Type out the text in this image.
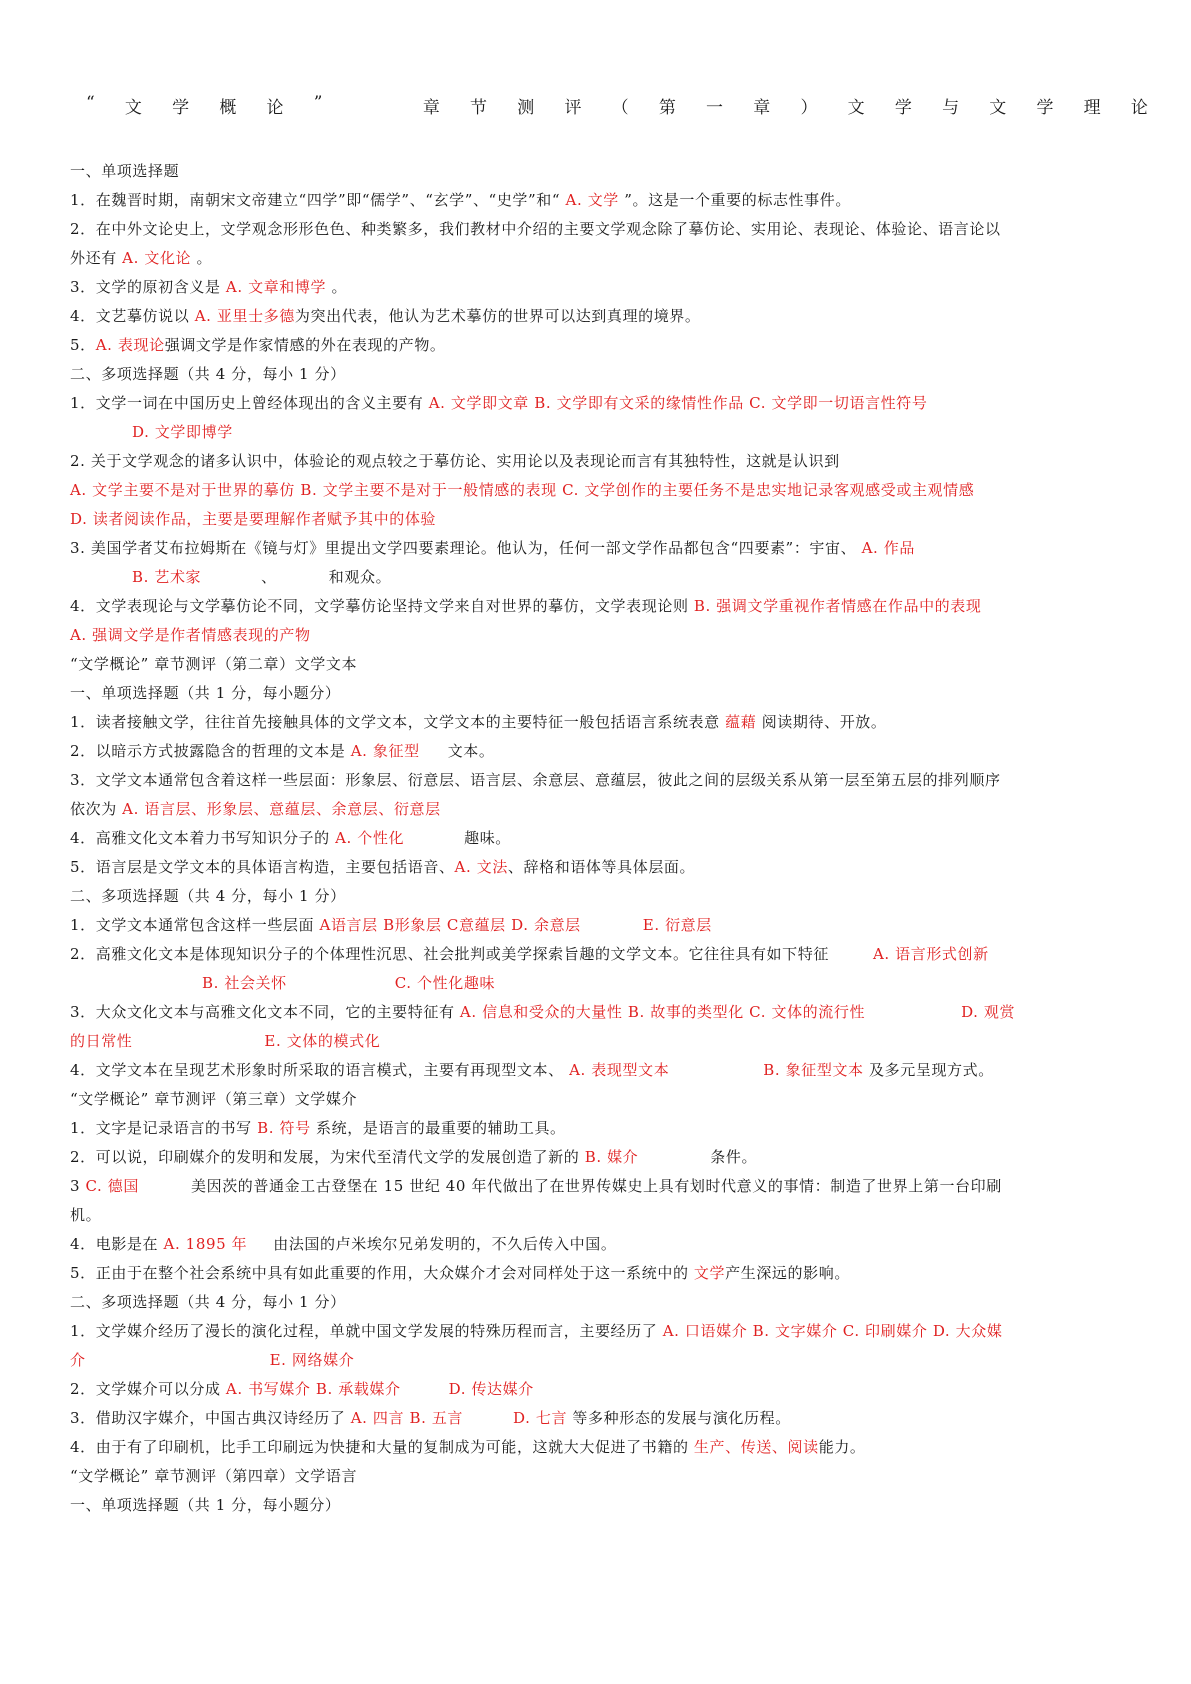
“ 文 学 概 论 ”	章 节 测 评 （ 第 一 章 ） 文 学 与 文 学 理 论
一、单项选择题
1．在魏晋时期，南朝宋文帝建立“四学”即“儒学”、“玄学”、“史学”和“ A. 文学 ”。这是一个重要的标志性事件。
2．在中外文论史上，文学观念形形色色、种类繁多，我们教材中介绍的主要文学观念除了摹仿论、实用论、表现论、体验论、语言论以
外还有 A. 文化论 。
3．文学的原初含义是 A. 文章和博学 。
4．文艺摹仿说以 A. 亚里士多德为突出代表，他认为艺术摹仿的世界可以达到真理的境界。
5．A. 表现论强调文学是作家情感的外在表现的产物。
二、多项选择题（共 4 分，每小 1 分）
1．文学一词在中国历史上曾经体现出的含义主要有 A. 文学即文章 B. 文学即有文采的缘情性作品 C. 文学即一切语言性符号
D. 文学即博学
2. 关于文学观念的诸多认识中，体验论的观点较之于摹仿论、实用论以及表现论而言有其独特性，这就是认识到
A. 文学主要不是对于世界的摹仿 B. 文学主要不是对于一般情感的表现 C. 文学创作的主要任务不是忠实地记录客观感受或主观情感
D. 读者阅读作品，主要是要理解作者赋予其中的体验
3. 美国学者艾布拉姆斯在《镜与灯》里提出文学四要素理论。他认为，任何一部文学作品都包含“四要素”：宇宙、 A. 作品
B. 艺术家	、	和观众。
4．文学表现论与文学摹仿论不同，文学摹仿论坚持文学来自对世界的摹仿，文学表现论则 B. 强调文学重视作者情感在作品中的表现
A. 强调文学是作者情感表现的产物
“文学概论” 章节测评（第二章）文学文本
一、单项选择题（共 1 分，每小题分）
1．读者接触文学，往往首先接触具体的文学文本，文学文本的主要特征一般包括语言系统表意 蕴藉 阅读期待、开放。
2．以暗示方式披露隐含的哲理的文本是 A. 象征型 文本。
3．文学文本通常包含着这样一些层面：形象层、衍意层、语言层、余意层、意蕴层，彼此之间的层级关系从第一层至第五层的排列顺序
依次为 A. 语言层、形象层、意蕴层、余意层、衍意层
4．高雅文化文本着力书写知识分子的 A. 个性化	趣味。
5．语言层是文学文本的具体语言构造，主要包括语音、A. 文法、辞格和语体等具体层面。
二、多项选择题（共 4 分，每小 1 分）
1．文学文本通常包含这样一些层面 A语言层 B形象层 C意蕴层 D. 余意层	E. 衍意层
2．高雅文化文本是体现知识分子的个体理性沉思、社会批判或美学探索旨趣的文学文本。它往往具有如下特征	A. 语言形式创新
B. 社会关怀	C. 个性化趣味
3．大众文化文本与高雅文化文本不同，它的主要特征有 A. 信息和受众的大量性 B. 故事的类型化 C. 文体的流行性	D. 观赏
的日常性	E. 文体的模式化
4．文学文本在呈现艺术形象时所采取的语言模式，主要有再现型文本、 A. 表现型文本	B. 象征型文本 及多元呈现方式。
“文学概论” 章节测评（第三章）文学媒介
1．文字是记录语言的书写 B. 符号 系统，是语言的最重要的辅助工具。
2．可以说，印刷媒介的发明和发展，为宋代至清代文学的发展创造了新的 B. 媒介	条件。
3 C. 德国	美因茨的普通金工古登堡在 15 世纪 40 年代做出了在世界传媒史上具有划时代意义的事情：制造了世界上第一台印刷
机。
4．电影是在 A. 1895 年 由法国的卢米埃尔兄弟发明的，不久后传入中国。
5．正由于在整个社会系统中具有如此重要的作用，大众媒介才会对同样处于这一系统中的 文学产生深远的影响。
二、多项选择题（共 4 分，每小 1 分）
1．文学媒介经历了漫长的演化过程，单就中国文学发展的特殊历程而言，主要经历了 A. 口语媒介 B. 文字媒介 C. 印刷媒介 D. 大众媒
介	E. 网络媒介
2．文学媒介可以分成 A. 书写媒介 B. 承载媒介	D. 传达媒介
3．借助汉字媒介，中国古典汉诗经历了 A. 四言 B. 五言	D. 七言 等多种形态的发展与演化历程。
4．由于有了印刷机，比手工印刷远为快捷和大量的复制成为可能，这就大大促进了书籍的 生产、传送、阅读能力。
“文学概论” 章节测评（第四章）文学语言
一、单项选择题（共 1 分，每小题分）
